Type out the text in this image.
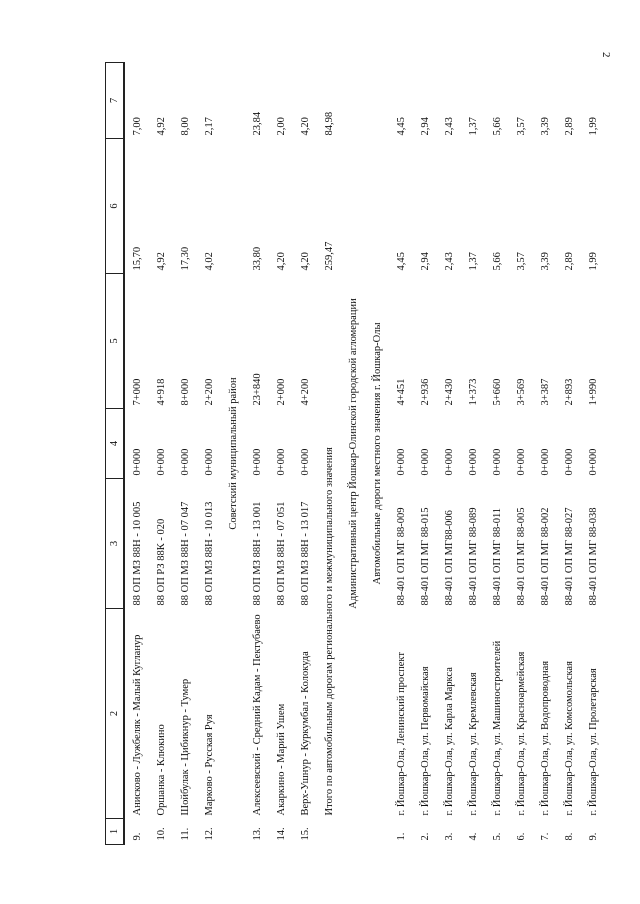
2
1	2	3	4	5	6	7
9.	Анисково - Лужбеляк - Малый Кугланур	88 ОП МЗ 88Н - 10 005	0+000	7+000	15,70	7,00
10.	Оршанка - Клюкино	88 ОП РЗ 88К - 020	0+000	4+918	4,92	4,92
11.	Шойбулак - Цибикнур - Тумер	88 ОП МЗ 88Н - 07 047	0+000	8+000	17,30	8,00
12.	Марково - Русская Руя	88 ОП МЗ 88Н - 10 013	0+000	2+200	4,02	2,17
Советский муниципальный район						
13.	Алексеевский - Средний Кадам - Пектубаево	88 ОП МЗ 88Н - 13 001	0+000	23+840	33,80	23,84
14.	Акаркино - Марий Ушем	88 ОП МЗ 88Н - 07 051	0+000	2+000	4,20	2,00
15.	Верх-Ушнур - Куркумбал - Колокуда	88 ОП МЗ 88Н - 13 017	0+000	4+200	4,20	4,20
	Итого по автомобильным дорогам регионального и межмуниципального значения				259,47	84,98
Административный центр Йошкар-Олинской городской агломерации						
Автомобильные дороги местного значения г. Йошкар-Олы						
1.	г. Йошкар-Ола, Ленинский проспект	88-401 ОП МГ 88-009	0+000	4+451	4,45	4,45
2.	г. Йошкар-Ола, ул. Первомайская	88-401 ОП МГ 88-015	0+000	2+936	2,94	2,94
3.	г. Йошкар-Ола, ул. Карла Маркса	88-401 ОП МГ88-006	0+000	2+430	2,43	2,43
4.	г. Йошкар-Ола, ул. Кремлевская	88-401 ОП МГ 88-089	0+000	1+373	1,37	1,37
5.	г. Йошкар-Ола, ул. Машиностроителей	88-401 ОП МГ 88-011	0+000	5+660	5,66	5,66
6.	г. Йошкар-Ола, ул. Красноармейская	88-401 ОП МГ 88-005	0+000	3+569	3,57	3,57
7.	г. Йошкар-Ола, ул. Водопроводная	88-401 ОП МГ 88-002	0+000	3+387	3,39	3,39
8.	г. Йошкар-Ола, ул. Комсомольская	88-401 ОП МГ 88-027	0+000	2+893	2,89	2,89
9.	г. Йошкар-Ола, ул. Пролетарская	88-401 ОП МГ 88-038	0+000	1+990	1,99	1,99
